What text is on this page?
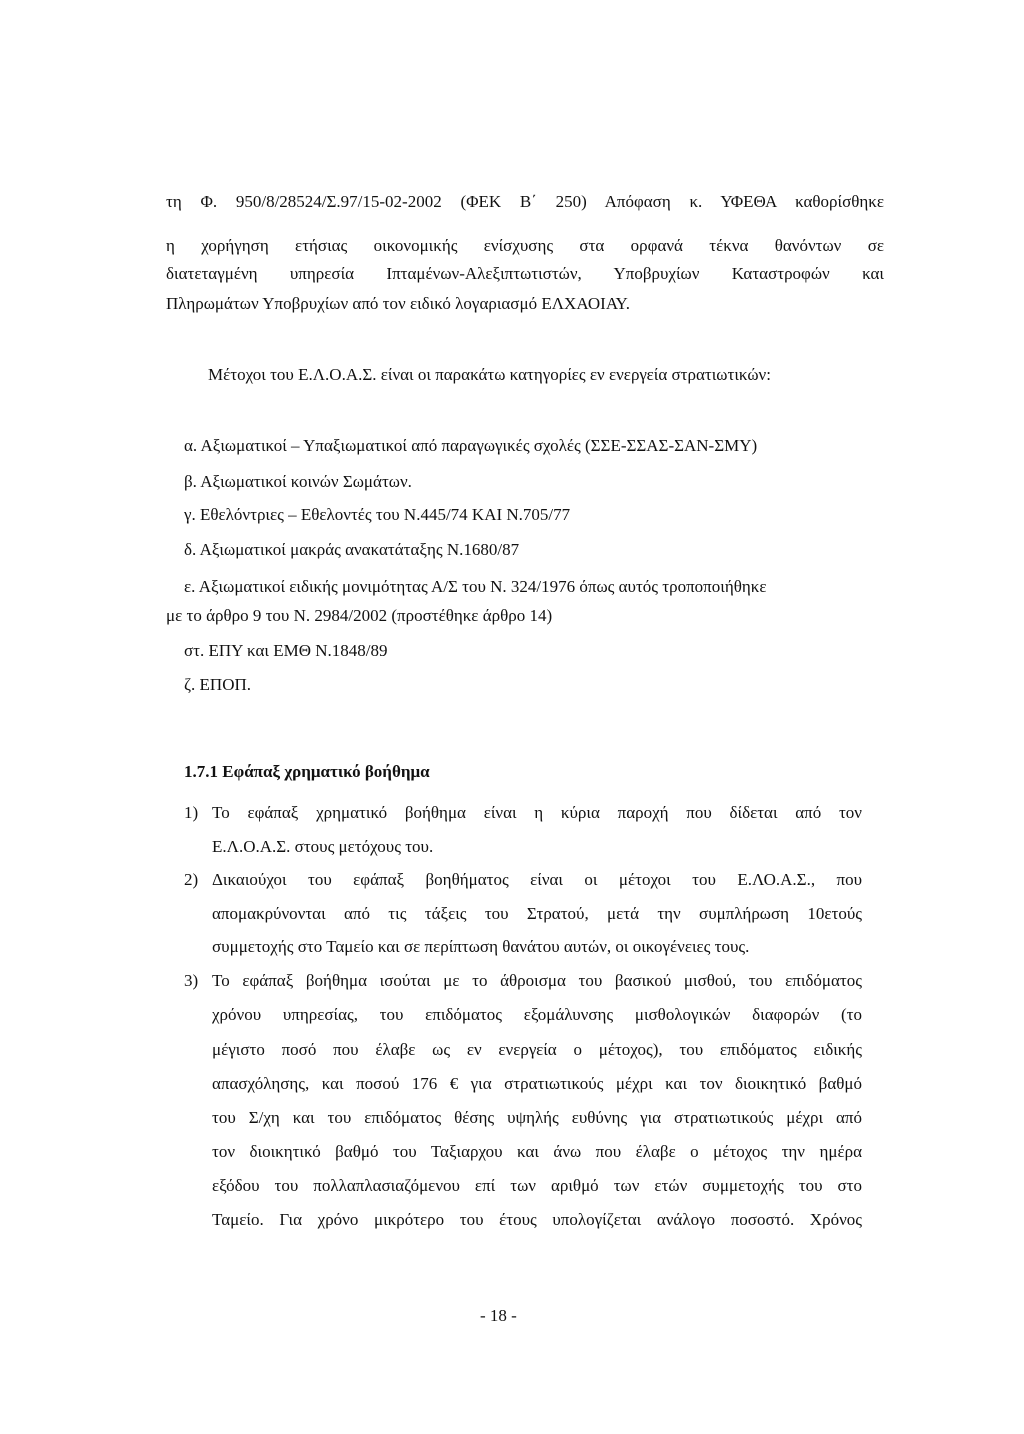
τη Φ. 950/8/28524/Σ.97/15-02-2002 (ΦΕΚ Β΄ 250) Απόφαση κ. ΥΦΕΘΑ καθορίσθηκε
η χορήγηση ετήσιας οικονομικής ενίσχυσης στα ορφανά τέκνα θανόντων σε
διατεταγμένη υπηρεσία Ιπταμένων-Αλεξιπτωτιστών, Υποβρυχίων Καταστροφών και
Πληρωμάτων Υποβρυχίων από τον ειδικό λογαριασμό ΕΛΧΑΟΙΑΥ.
Μέτοχοι του Ε.Λ.Ο.Α.Σ. είναι οι παρακάτω κατηγορίες εν ενεργεία στρατιωτικών:
α. Αξιωματικοί – Υπαξιωματικοί από παραγωγικές σχολές (ΣΣΕ-ΣΣΑΣ-ΣΑΝ-ΣΜΥ)
β. Αξιωματικοί κοινών Σωμάτων.
γ. Εθελόντριες – Εθελοντές του Ν.445/74 ΚΑΙ Ν.705/77
δ. Αξιωματικοί μακράς ανακατάταξης Ν.1680/87
ε. Αξιωματικοί ειδικής μονιμότητας Α/Σ του Ν. 324/1976 όπως αυτός τροποποιήθηκε
με το άρθρο 9 του Ν. 2984/2002 (προστέθηκε άρθρο 14)
στ. ΕΠΥ και ΕΜΘ Ν.1848/89
ζ. ΕΠΟΠ.
1.7.1 Εφάπαξ χρηματικό βοήθημα
1) Το εφάπαξ χρηματικό βοήθημα είναι η κύρια παροχή που δίδεται από τον
Ε.Λ.Ο.Α.Σ. στους μετόχους του.
2) Δικαιούχοι του εφάπαξ βοηθήματος είναι οι μέτοχοι του Ε.ΛΟ.Α.Σ., που
απομακρύνονται από τις τάξεις του Στρατού, μετά την συμπλήρωση 10ετούς
συμμετοχής στο Ταμείο και σε περίπτωση θανάτου αυτών, οι οικογένειες τους.
3) Το εφάπαξ βοήθημα ισούται με το άθροισμα του βασικού μισθού, του επιδόματος
χρόνου υπηρεσίας, του επιδόματος εξομάλυνσης μισθολογικών διαφορών (το
μέγιστο ποσό που έλαβε ως εν ενεργεία ο μέτοχος), του επιδόματος ειδικής
απασχόλησης, και ποσού 176 € για στρατιωτικούς μέχρι και τον διοικητικό βαθμό
του Σ/χη και του επιδόματος θέσης υψηλής ευθύνης για στρατιωτικούς μέχρι από
τον διοικητικό βαθμό του Ταξιαρχου και άνω που έλαβε ο μέτοχος την ημέρα
εξόδου του πολλαπλασιαζόμενου επί των αριθμό των ετών συμμετοχής του στο
Ταμείο. Για χρόνο μικρότερο του έτους υπολογίζεται ανάλογο ποσοστό. Χρόνος
- 18 -
